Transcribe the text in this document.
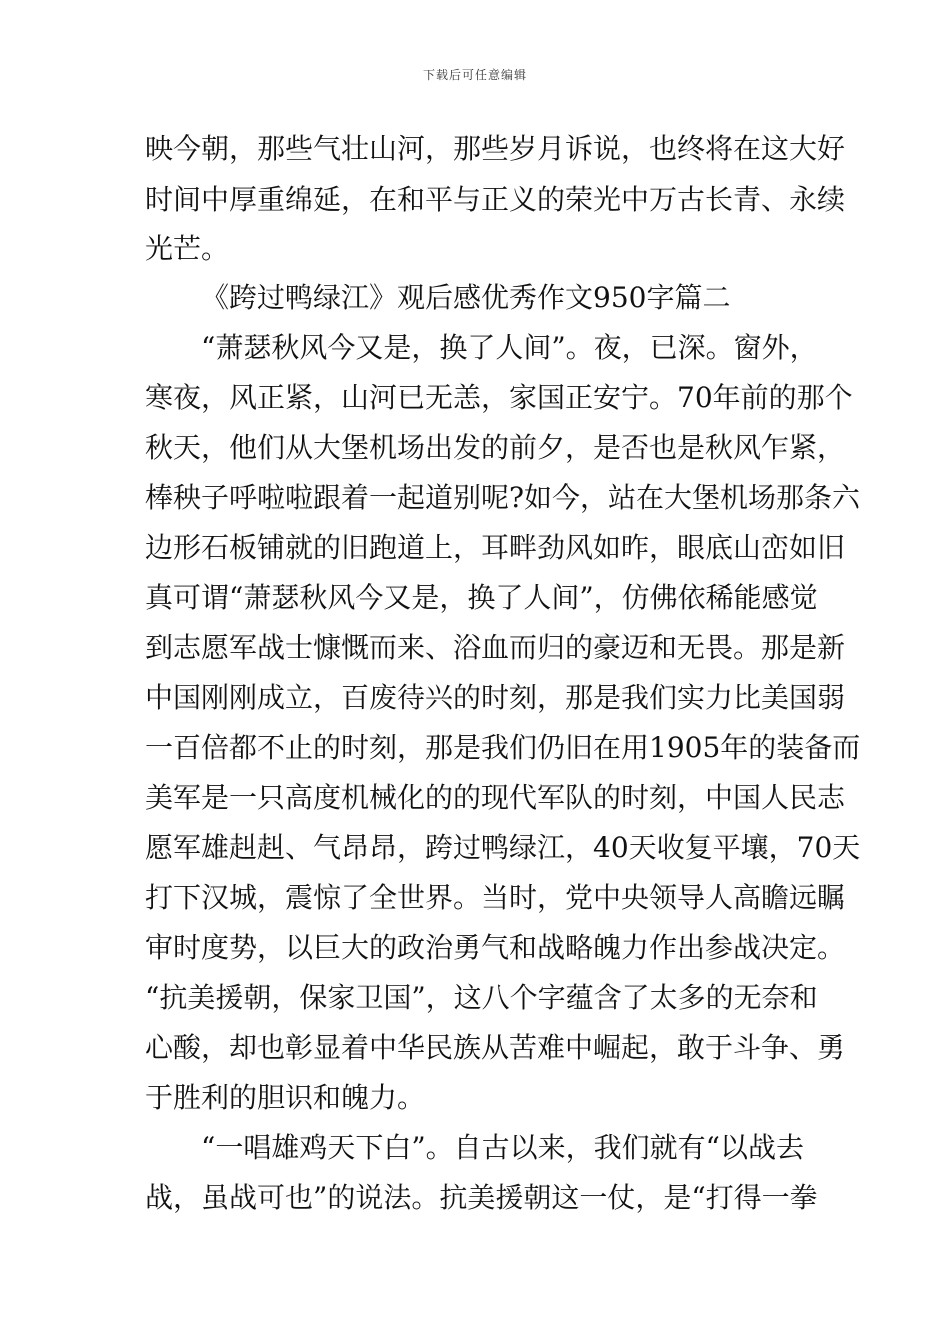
下载后可任意编辑
映今朝，那些气壮山河，那些岁月诉说，也终将在这大好
时间中厚重绵延，在和平与正义的荣光中万古长青、永续
光芒。
《跨过鸭绿江》观后感优秀作文950字篇二
“萧瑟秋风今又是，换了人间”。夜，已深。窗外，
寒夜，风正紧，山河已无恙，家国正安宁。70年前的那个
秋天，他们从大堡机场出发的前夕，是否也是秋风乍紧，
棒秧子呼啦啦跟着一起道别呢?如今，站在大堡机场那条六
边形石板铺就的旧跑道上，耳畔劲风如昨，眼底山峦如旧
真可谓“萧瑟秋风今又是，换了人间”，仿佛依稀能感觉
到志愿军战士慷慨而来、浴血而归的豪迈和无畏。那是新
中国刚刚成立，百废待兴的时刻，那是我们实力比美国弱
一百倍都不止的时刻，那是我们仍旧在用1905年的装备而
美军是一只高度机械化的的现代军队的时刻，中国人民志
愿军雄赳赳、气昂昂，跨过鸭绿江，40天收复平壤，70天
打下汉城，震惊了全世界。当时，党中央领导人高瞻远瞩
审时度势，以巨大的政治勇气和战略魄力作出参战决定。
“抗美援朝，保家卫国”，这八个字蕴含了太多的无奈和
心酸，却也彰显着中华民族从苦难中崛起，敢于斗争、勇
于胜利的胆识和魄力。
“一唱雄鸡天下白”。自古以来，我们就有“以战去
战，虽战可也”的说法。抗美援朝这一仗，是“打得一拳
